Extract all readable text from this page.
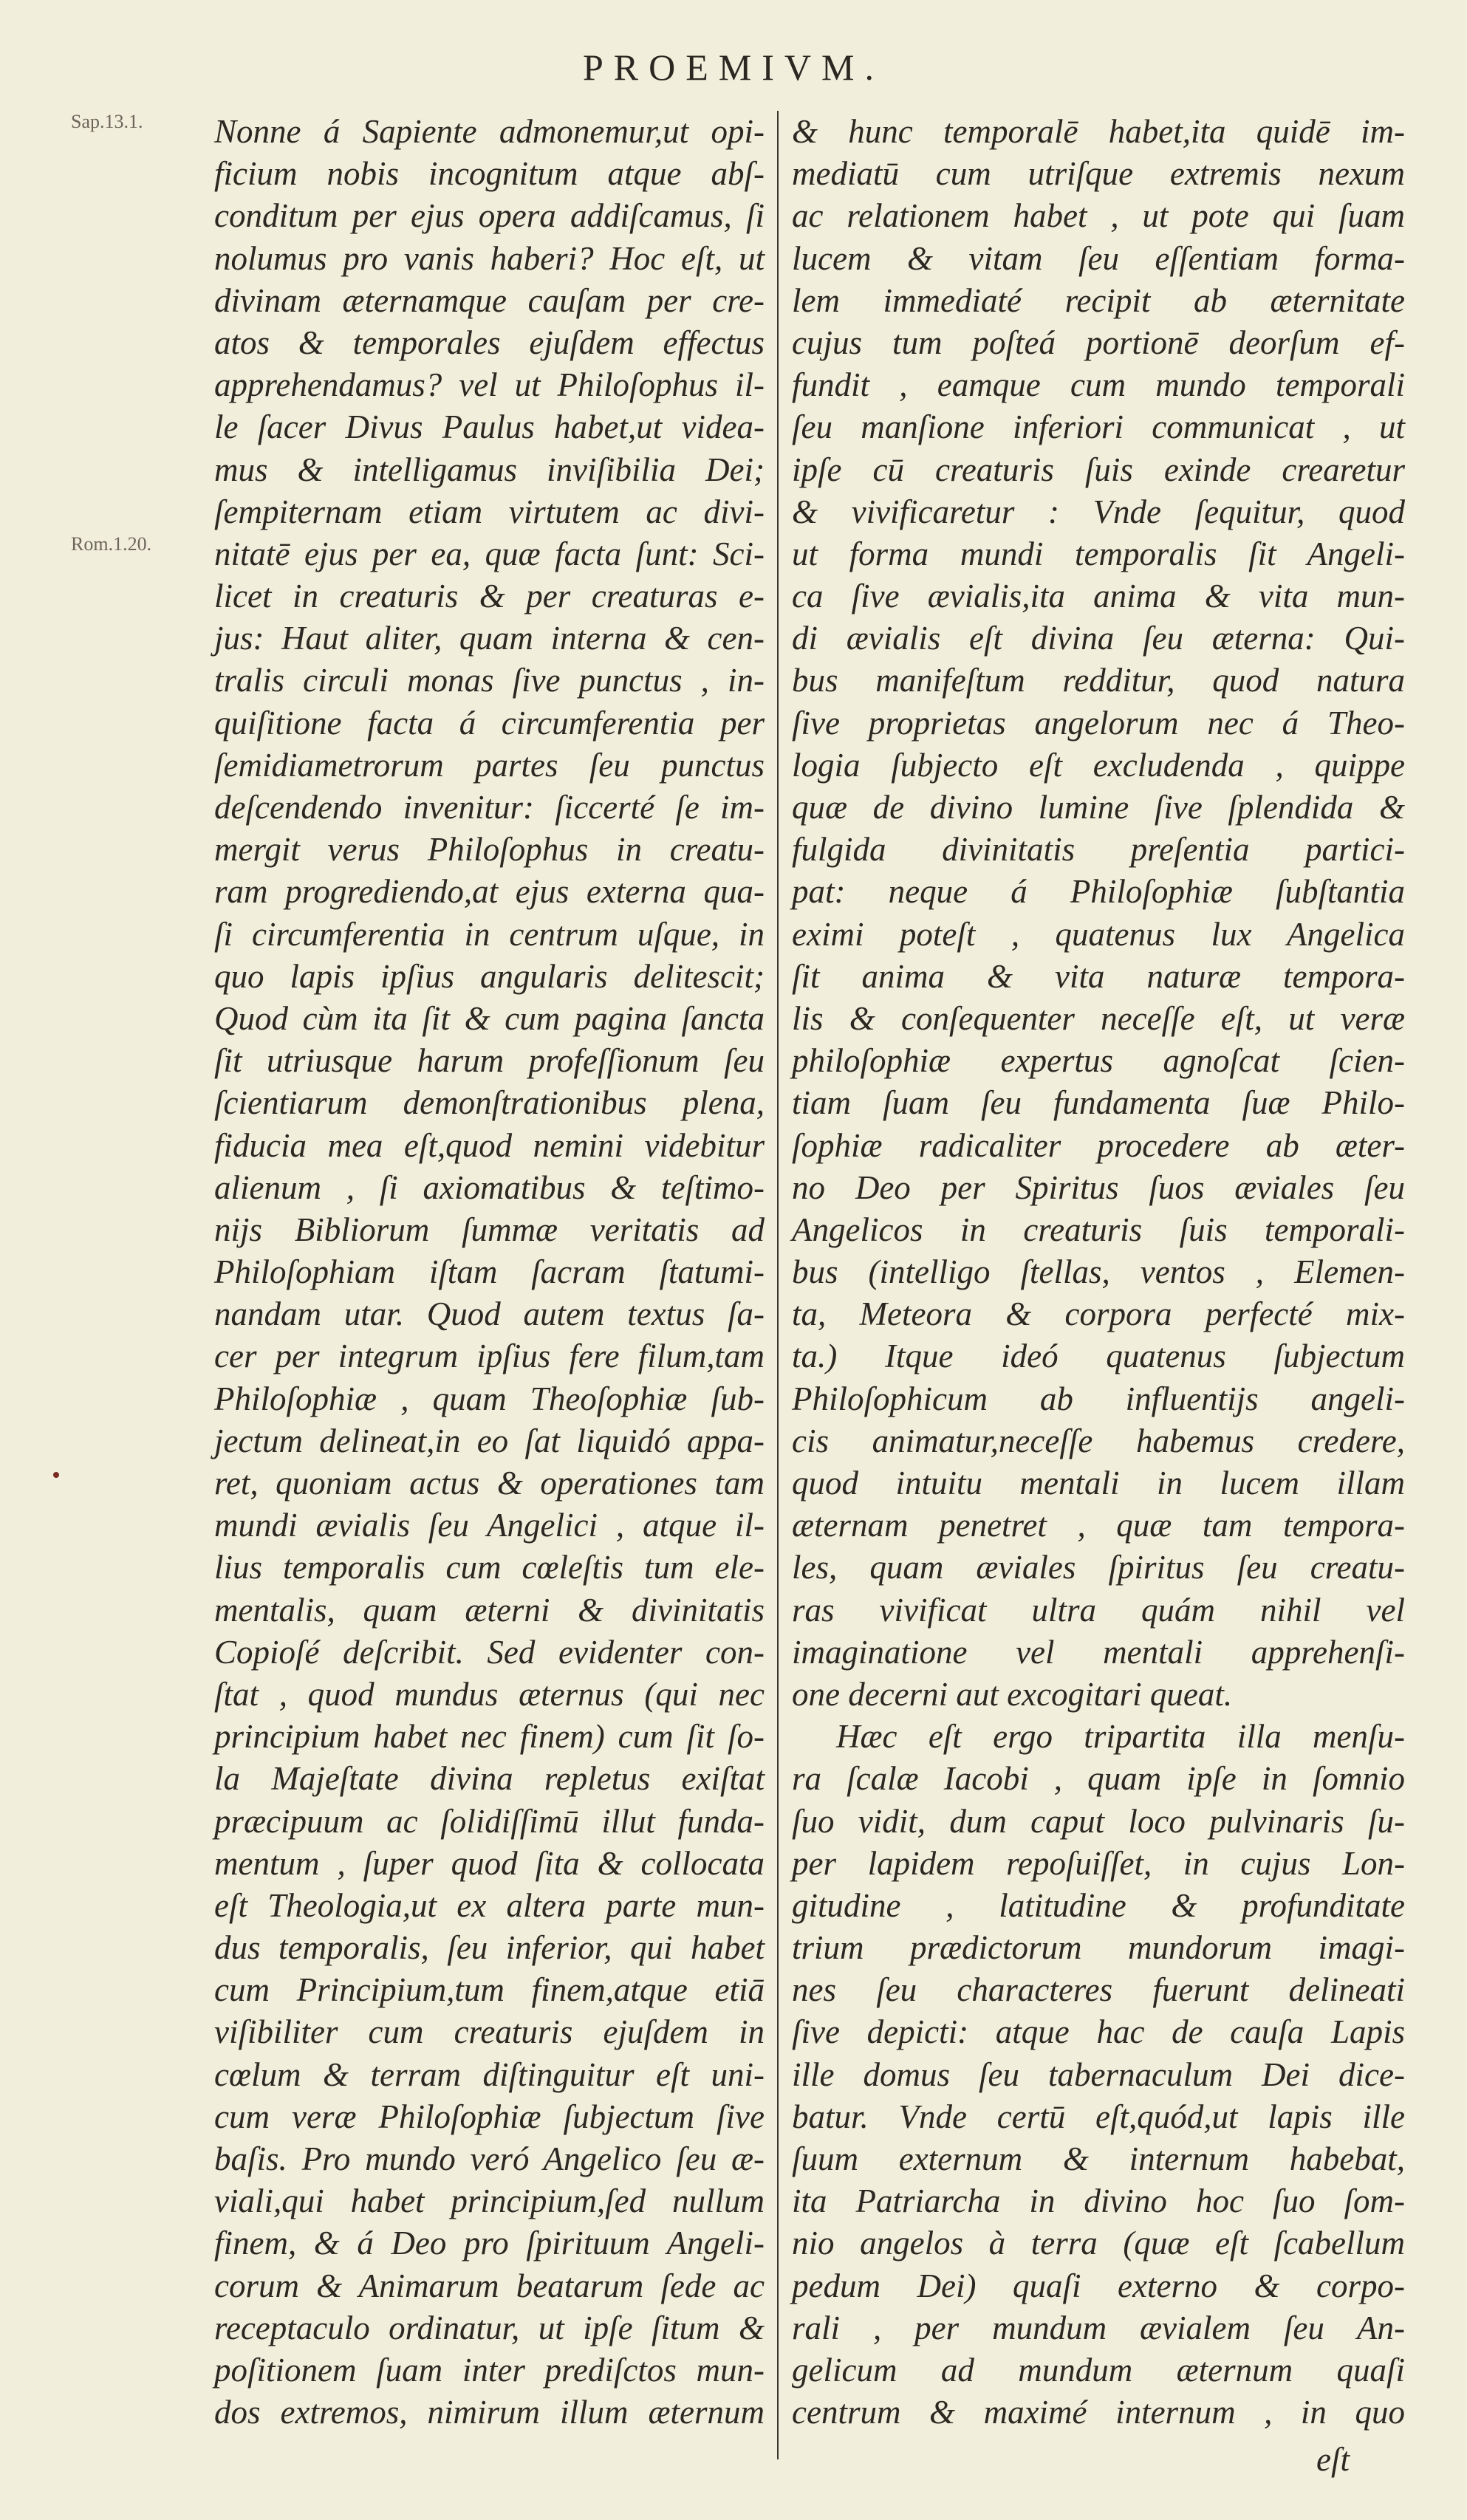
PROEMIVM.
Sap.13.1.
Rom.1.20.
Nonne á Sapiente admonemur,ut opi-
ficium nobis incognitum atque abſ-
conditum per ejus opera addiſcamus, ſi
nolumus pro vanis haberi? Hoc eſt, ut
divinam æternamque cauſam per cre-
atos & temporales ejuſdem effectus
apprehendamus? vel ut Philoſophus il-
le ſacer Divus Paulus habet,ut videa-
mus & intelligamus inviſibilia Dei;
ſempiternam etiam virtutem ac divi-
nitatē ejus per ea, quæ facta ſunt: Sci-
licet in creaturis & per creaturas e-
jus: Haut aliter, quam interna & cen-
tralis circuli monas ſive punctus , in-
quiſitione facta á circumferentia per
ſemidiametrorum partes ſeu punctus
deſcendendo invenitur: ſiccerté ſe im-
mergit verus Philoſophus in creatu-
ram progrediendo,at ejus externa qua-
ſi circumferentia in centrum uſque, in
quo lapis ipſius angularis delitescit;
Quod cùm ita ſit & cum pagina ſancta
ſit utriusque harum profeſſionum ſeu
ſcientiarum demonſtrationibus plena,
fiducia mea eſt,quod nemini videbitur
alienum , ſi axiomatibus & teſtimo-
nijs Bibliorum ſummæ veritatis ad
Philoſophiam iſtam ſacram ſtatumi-
nandam utar. Quod autem textus ſa-
cer per integrum ipſius fere filum,tam
Philoſophiæ , quam Theoſophiæ ſub-
jectum delineat,in eo ſat liquidó appa-
ret, quoniam actus & operationes tam
mundi ævialis ſeu Angelici , atque il-
lius temporalis cum cœleſtis tum ele-
mentalis, quam æterni & divinitatis
Copioſé deſcribit. Sed evidenter con-
ſtat , quod mundus æternus (qui nec
principium habet nec finem) cum ſit ſo-
la Majeſtate divina repletus exiſtat
præcipuum ac ſolidiſſimū illut funda-
mentum , ſuper quod ſita & collocata
eſt Theologia,ut ex altera parte mun-
dus temporalis, ſeu inferior, qui habet
cum Principium,tum finem,atque etiā
viſibiliter cum creaturis ejuſdem in
cœlum & terram diſtinguitur eſt uni-
cum veræ Philoſophiæ ſubjectum ſive
baſis. Pro mundo veró Angelico ſeu æ-
viali,qui habet principium,ſed nullum
finem, & á Deo pro ſpirituum Angeli-
corum & Animarum beatarum ſede ac
receptaculo ordinatur, ut ipſe ſitum &
poſitionem ſuam inter prediſctos mun-
dos extremos, nimirum illum æternum
& hunc temporalē habet,ita quidē im-
mediatū cum utriſque extremis nexum
ac relationem habet , ut pote qui ſuam
lucem & vitam ſeu eſſentiam forma-
lem immediaté recipit ab æternitate
cujus tum poſteá portionē deorſum ef-
fundit , eamque cum mundo temporali
ſeu manſione inferiori communicat , ut
ipſe cū creaturis ſuis exinde crearetur
& vivificaretur : Vnde ſequitur, quod
ut forma mundi temporalis ſit Angeli-
ca ſive ævialis,ita anima & vita mun-
di ævialis eſt divina ſeu æterna: Qui-
bus manifeſtum redditur, quod natura
ſive proprietas angelorum nec á Theo-
logia ſubjecto eſt excludenda , quippe
quæ de divino lumine ſive ſplendida &
fulgida divinitatis preſentia partici-
pat: neque á Philoſophiæ ſubſtantia
eximi poteſt , quatenus lux Angelica
ſit anima & vita naturæ tempora-
lis & conſequenter neceſſe eſt, ut veræ
philoſophiæ expertus agnoſcat ſcien-
tiam ſuam ſeu fundamenta ſuæ Philo-
ſophiæ radicaliter procedere ab æter-
no Deo per Spiritus ſuos æviales ſeu
Angelicos in creaturis ſuis temporali-
bus (intelligo ſtellas, ventos , Elemen-
ta, Meteora & corpora perfecté mix-
ta.) Itque ideó quatenus ſubjectum
Philoſophicum ab influentijs angeli-
cis animatur,neceſſe habemus credere,
quod intuitu mentali in lucem illam
æternam penetret , quæ tam tempora-
les, quam æviales ſpiritus ſeu creatu-
ras vivificat ultra quám nihil vel
imaginatione vel mentali apprehenſi-
one decerni aut excogitari queat.
Hæc eſt ergo tripartita illa menſu-
ra ſcalæ Iacobi , quam ipſe in ſomnio
ſuo vidit, dum caput loco pulvinaris ſu-
per lapidem repoſuiſſet, in cujus Lon-
gitudine , latitudine & profunditate
trium prædictorum mundorum imagi-
nes ſeu characteres fuerunt delineati
ſive depicti: atque hac de cauſa Lapis
ille domus ſeu tabernaculum Dei dice-
batur. Vnde certū eſt,quód,ut lapis ille
ſuum externum & internum habebat,
ita Patriarcha in divino hoc ſuo ſom-
nio angelos à terra (quæ eſt ſcabellum
pedum Dei) quaſi externo & corpo-
rali , per mundum ævialem ſeu An-
gelicum ad mundum æternum quaſi
centrum & maximé internum , in quo
eſt
